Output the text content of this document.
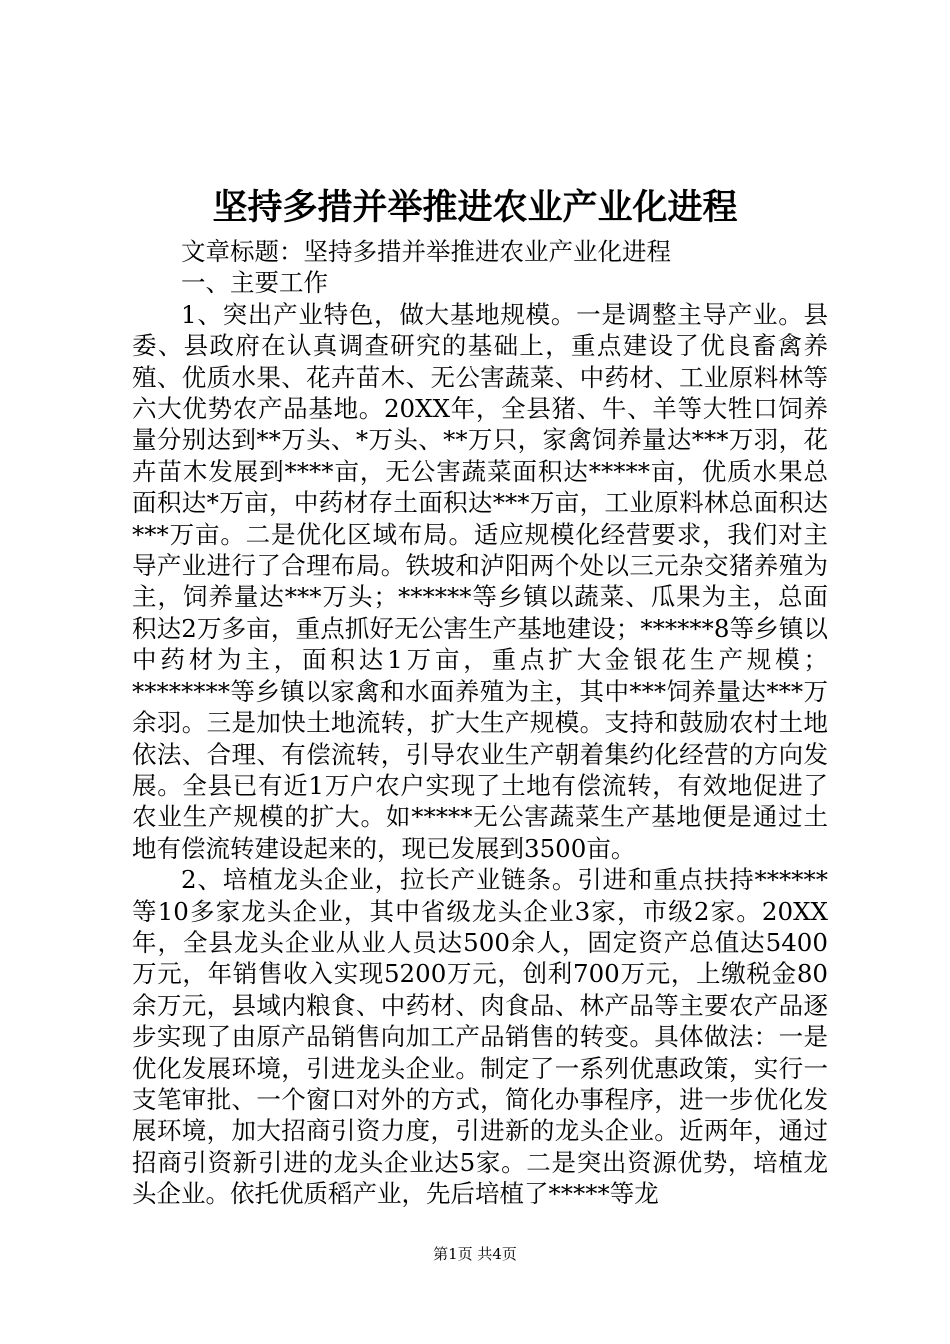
坚持多措并举推进农业产业化进程

文章标题：坚持多措并举推进农业产业化进程

一、主要工作

1、突出产业特色，做大基地规模。一是调整主导产业。县委、县政府在认真调查研究的基础上，重点建设了优良畜禽养殖、优质水果、花卉苗木、无公害蔬菜、中药材、工业原料林等六大优势农产品基地。20XX年，全县猪、牛、羊等大牲口饲养量分别达到**万头、*万头、**万只，家禽饲养量达***万羽，花卉苗木发展到****亩，无公害蔬菜面积达*****亩，优质水果总面积达*万亩，中药材存土面积达***万亩，工业原料林总面积达***万亩。二是优化区域布局。适应规模化经营要求，我们对主导产业进行了合理布局。铁坡和泸阳两个处以三元杂交猪养殖为主，饲养量达***万头；******等乡镇以蔬菜、瓜果为主，总面积达2万多亩，重点抓好无公害生产基地建设；******8等乡镇以中药材为主，面积达1万亩，重点扩大金银花生产规模；********等乡镇以家禽和水面养殖为主，其中***饲养量达***万余羽。三是加快土地流转，扩大生产规模。支持和鼓励农村土地依法、合理、有偿流转，引导农业生产朝着集约化经营的方向发展。全县已有近1万户农户实现了土地有偿流转，有效地促进了农业生产规模的扩大。如*****无公害蔬菜生产基地便是通过土地有偿流转建设起来的，现已发展到3500亩。

2、培植龙头企业，拉长产业链条。引进和重点扶持******等10多家龙头企业，其中省级龙头企业3家，市级2家。20XX年，全县龙头企业从业人员达500余人，固定资产总值达5400万元，年销售收入实现5200万元，创利700万元，上缴税金80余万元，县域内粮食、中药材、肉食品、林产品等主要农产品逐步实现了由原产品销售向加工产品销售的转变。具体做法：一是优化发展环境，引进龙头企业。制定了一系列优惠政策，实行一支笔审批、一个窗口对外的方式，简化办事程序，进一步优化发展环境，加大招商引资力度，引进新的龙头企业。近两年，通过招商引资新引进的龙头企业达5家。二是突出资源优势，培植龙头企业。依托优质稻产业，先后培植了*****等龙

第1页 共4页
